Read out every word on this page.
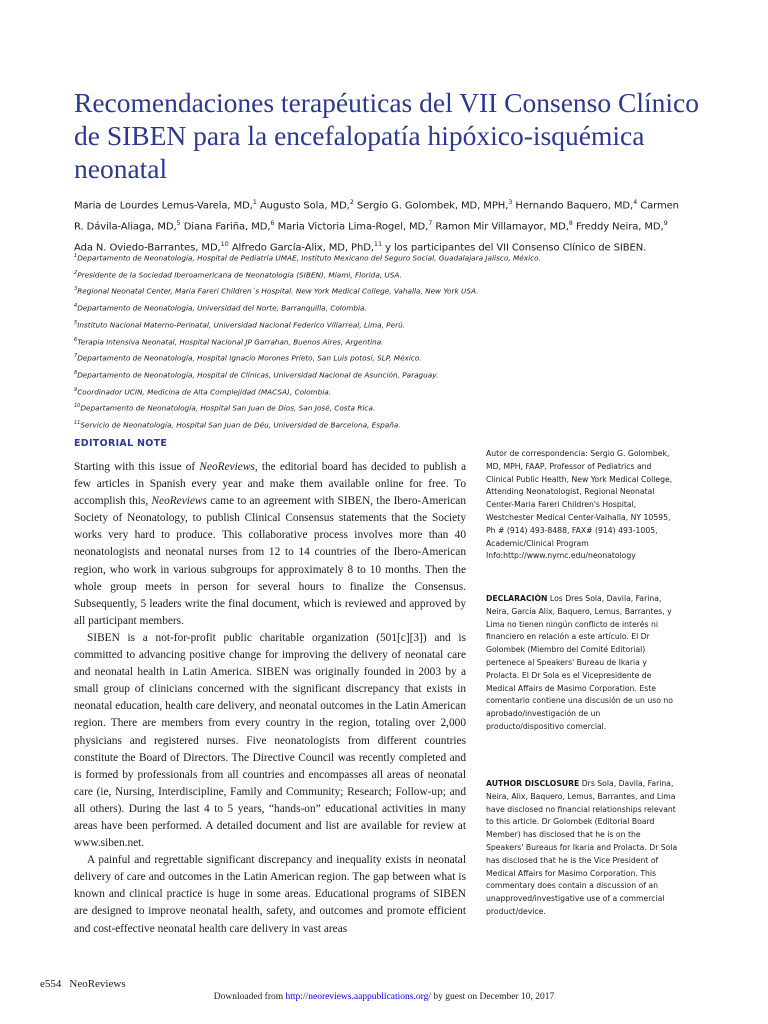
Recomendaciones terapéuticas del VII Consenso Clínico de SIBEN para la encefalopatía hipóxico-isquémica neonatal
Maria de Lourdes Lemus-Varela, MD,$^1$ Augusto Sola, MD,$^2$ Sergio G. Golombek, MD, MPH,$^3$ Hernando Baquero, MD,$^4$ Carmen R. Dávila-Aliaga, MD,$^5$ Diana Fariña, MD,$^6$ Maria Victoria Lima-Rogel, MD,$^7$ Ramon Mir Villamayor, MD,$^8$ Freddy Neira, MD,$^9$ Ada N. Oviedo-Barrantes, MD,$^{10}$ Alfredo García-Alix, MD, PhD,$^{11}$ y los participantes del VII Consenso Clínico de SIBEN.
$^1$Departamento de Neonatología, Hospital de Pediatría UMAE, Instituto Mexicano del Seguro Social, Guadalajara Jalisco, México.
$^2$Presidente de la Sociedad Iberoamericana de Neonatología (SIBEN), Miami, Florida, USA.
$^3$Regional Neonatal Center, Maria Fareri Children´s Hospital. New York Medical College, Vahalla, New York USA.
$^4$Departamento de Neonatología, Universidad del Norte, Barranquilla, Colombia.
$^5$Instituto Nacional Materno-Perinatal, Universidad Nacional Federico Villarreal, Lima, Perú.
$^6$Terapia Intensiva Neonatal, Hospital Nacional JP Garrahan, Buenos Aires, Argentina.
$^7$Departamento de Neonatología, Hospital Ignacio Morones Prieto, San Luis potosí, SLP, México.
$^8$Departamento de Neonatología, Hospital de Clínicas, Universidad Nacional de Asunción, Paraguay.
$^9$Coordinador UCIN, Medicina de Alta Complejidad (MACSA), Colombia.
$^{10}$Departamento de Neonatología, Hospital San Juan de Dios, San José, Costa Rica.
$^{11}$Servicio de Neonatología, Hospital San Juan de Déu, Universidad de Barcelona, España.
EDITORIAL NOTE

Starting with this issue of NeoReviews, the editorial board has decided to publish a few articles in Spanish every year and make them available online for free. To accomplish this, NeoReviews came to an agreement with SIBEN, the Ibero-American Society of Neonatology, to publish Clinical Consensus statements that the Society works very hard to produce. This collaborative process involves more than 40 neonatologists and neonatal nurses from 12 to 14 countries of the Ibero-American region, who work in various subgroups for approximately 8 to 10 months. Then the whole group meets in person for several hours to finalize the Consensus. Subsequently, 5 leaders write the final document, which is reviewed and approved by all participant members.

SIBEN is a not-for-profit public charitable organization (501[c][3]) and is committed to advancing positive change for improving the delivery of neonatal care and neonatal health in Latin America. SIBEN was originally founded in 2003 by a small group of clinicians concerned with the significant discrepancy that exists in neonatal education, health care delivery, and neonatal outcomes in the Latin American region. There are members from every country in the region, totaling over 2,000 physicians and registered nurses. Five neonatologists from different countries constitute the Board of Directors. The Directive Council was recently completed and is formed by professionals from all countries and encompasses all areas of neonatal care (ie, Nursing, Interdiscipline, Family and Community; Research; Follow-up; and all others). During the last 4 to 5 years, “hands-on” educational activities in many areas have been performed. A detailed document and list are available for review at www.siben.net.

A painful and regrettable significant discrepancy and inequality exists in neonatal delivery of care and outcomes in the Latin American region. The gap between what is known and clinical practice is huge in some areas. Educational programs of SIBEN are designed to improve neonatal health, safety, and outcomes and promote efficient and cost-effective neonatal health care delivery in vast areas

Autor de correspondencia: Sergio G. Golombek, MD, MPH, FAAP, Professor of Pediatrics and Clinical Public Health, New York Medical College, Attending Neonatologist, Regional Neonatal Center-Maria Fareri Children's Hospital, Westchester Medical Center-Valhalla, NY 10595, Ph # (914) 493-8488, FAX# (914) 493-1005, Academic/Clinical Program Info:http://www.nymc.edu/neonatology
DECLARACIÓN Los Dres Sola, Davila, Farina, Neira, García Alix, Baquero, Lemus, Barrantes, y Lima no tienen ningún conflicto de interés ni financiero en relación a este artículo. El Dr Golombek (Miembro del Comité Editorial) pertenece al Speakers' Bureau de Ikaria y Prolacta. El Dr Sola es el Vicepresidente de Medical Affairs de Masimo Corporation. Este comentario contiene una discusión de un uso no aprobado/investigación de un producto/dispositivo comercial.
AUTHOR DISCLOSURE Drs Sola, Davila, Farina, Neira, Alix, Baquero, Lemus, Barrantes, and Lima have disclosed no financial relationships relevant to this article. Dr Golombek (Editorial Board Member) has disclosed that he is on the Speakers' Bureaus for Ikaria and Prolacta. Dr Sola has disclosed that he is the Vice President of Medical Affairs for Masimo Corporation. This commentary does contain a discussion of an unapproved/investigative use of a commercial product/device.
e554 NeoReviews
Downloaded from http://neoreviews.aappublications.org/ by guest on December 10, 2017
